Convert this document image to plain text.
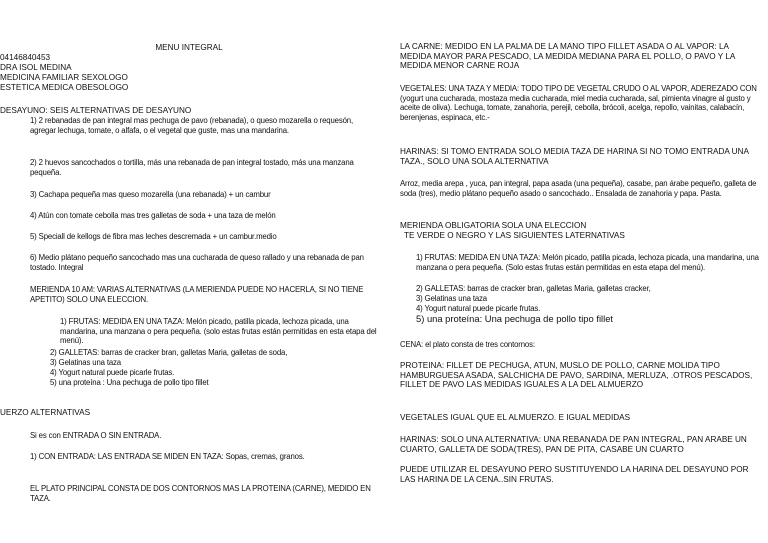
MENU INTEGRAL

04146840453

DRA ISOL MEDINA

MEDICINA FAMILIAR SEXOLOGO

ESTETICA MEDICA OBESOLOGO

DESAYUNO: SEIS ALTERNATIVAS DE DESAYUNO

1) 2 rebanadas de pan integral mas pechuga de pavo (rebanada), o queso mozarella o requesón, agregar lechuga, tomate, o alfafa, o el vegetal que guste, mas una mandarina.

2) 2 huevos sancochados o tortilla, más una rebanada de pan integral tostado, más una manzana pequeña.

3) Cachapa pequeña mas queso mozarella (una rebanada) + un cambur

4) Atún con tomate cebolla mas tres galletas de soda + una taza de melón

5) Speciall de kellogs de fibra mas leches descremada + un cambur.medio

6) Medio plátano pequeño sancochado mas una cucharada de queso rallado y una rebanada de pan tostado. Integral

MERIENDA 10 AM: VARIAS ALTERNATIVAS (LA MERIENDA PUEDE NO HACERLA, SI NO TIENE APETITO) SOLO UNA ELECCION.

1) FRUTAS: MEDIDA EN UNA TAZA: Melón picado, patilla picada, lechoza picada, una mandarina, una manzana o pera pequeña. (solo estas frutas están permitidas en esta etapa del menú).

2) GALLETAS: barras de cracker bran, galletas Maria, galletas de soda,

3) Gelatinas una taza

4) Yogurt natural puede picarle frutas.

5) una proteína : Una pechuga de pollo tipo fillet

UERZO ALTERNATIVAS

Si es con ENTRADA O SIN ENTRADA.

1) CON ENTRADA: LAS ENTRADA SE MIDEN EN TAZA: Sopas, cremas, granos.

EL PLATO PRINCIPAL CONSTA DE DOS CONTORNOS MAS LA PROTEINA (CARNE), MEDIDO EN TAZA.

LA CARNE: MEDIDO EN LA PALMA DE LA MANO TIPO FILLET ASADA O AL VAPOR: LA MEDIDA MAYOR PARA PESCADO, LA MEDIDA MEDIANA PARA EL POLLO, O PAVO Y LA MEDIDA MENOR CARNE ROJA

VEGETALES: UNA TAZA Y MEDIA: TODO TIPO DE VEGETAL CRUDO O AL VAPOR, ADEREZADO CON (yogurt una cucharada, mostaza media cucharada, miel media cucharada, sal, pimienta vinagre al gusto y aceite de oliva). Lechuga, tomate, zanahoria, perejil, cebolla, brócoli, acelga, repollo, vainitas, calabacín, berenjenas, espinaca, etc.-

HARINAS: SI TOMO ENTRADA SOLO MEDIA TAZA DE HARINA SI NO TOMO ENTRADA UNA TAZA., SOLO UNA SOLA ALTERNATIVA

Arroz, media arepa , yuca, pan integral, papa asada (una pequeña), casabe, pan árabe pequeño, galleta de soda (tres), medio plátano pequeño asado o sancochado.. Ensalada de zanahoria y papa. Pasta.

MERIENDA OBLIGATORIA SOLA UNA ELECCION

TE VERDE O NEGRO Y LAS SIGUIENTES LATERNATIVAS

1) FRUTAS: MEDIDA EN UNA TAZA: Melón picado, patilla picada, lechoza picada, una mandarina, una manzana o pera pequeña. (Solo estas frutas están permitidas en esta etapa del menú).

2) GALLETAS: barras de cracker bran, galletas Maria, galletas cracker,

3) Gelatinas una taza

4) Yogurt natural puede picarle frutas.

5) una proteína: Una pechuga de pollo tipo fillet

CENA: el plato consta de tres contornos:

PROTEINA: FILLET DE PECHUGA, ATUN, MUSLO DE POLLO, CARNE MOLIDA TIPO HAMBURGUESA ASADA, SALCHICHA DE PAVO, SARDINA, MERLUZA, .OTROS PESCADOS, FILLET DE PAVO LAS MEDIDAS IGUALES A LA DEL ALMUERZO

VEGETALES IGUAL QUE EL ALMUERZO. E IGUAL MEDIDAS

HARINAS: SOLO UNA ALTERNATIVA: UNA REBANADA DE PAN INTEGRAL, PAN ARABE UN CUARTO, GALLETA DE SODA(TRES), PAN DE PITA, CASABE UN CUARTO

PUEDE UTILIZAR EL DESAYUNO PERO SUSTITUYENDO LA HARINA DEL DESAYUNO POR LAS HARINA DE LA CENA..SIN FRUTAS.
